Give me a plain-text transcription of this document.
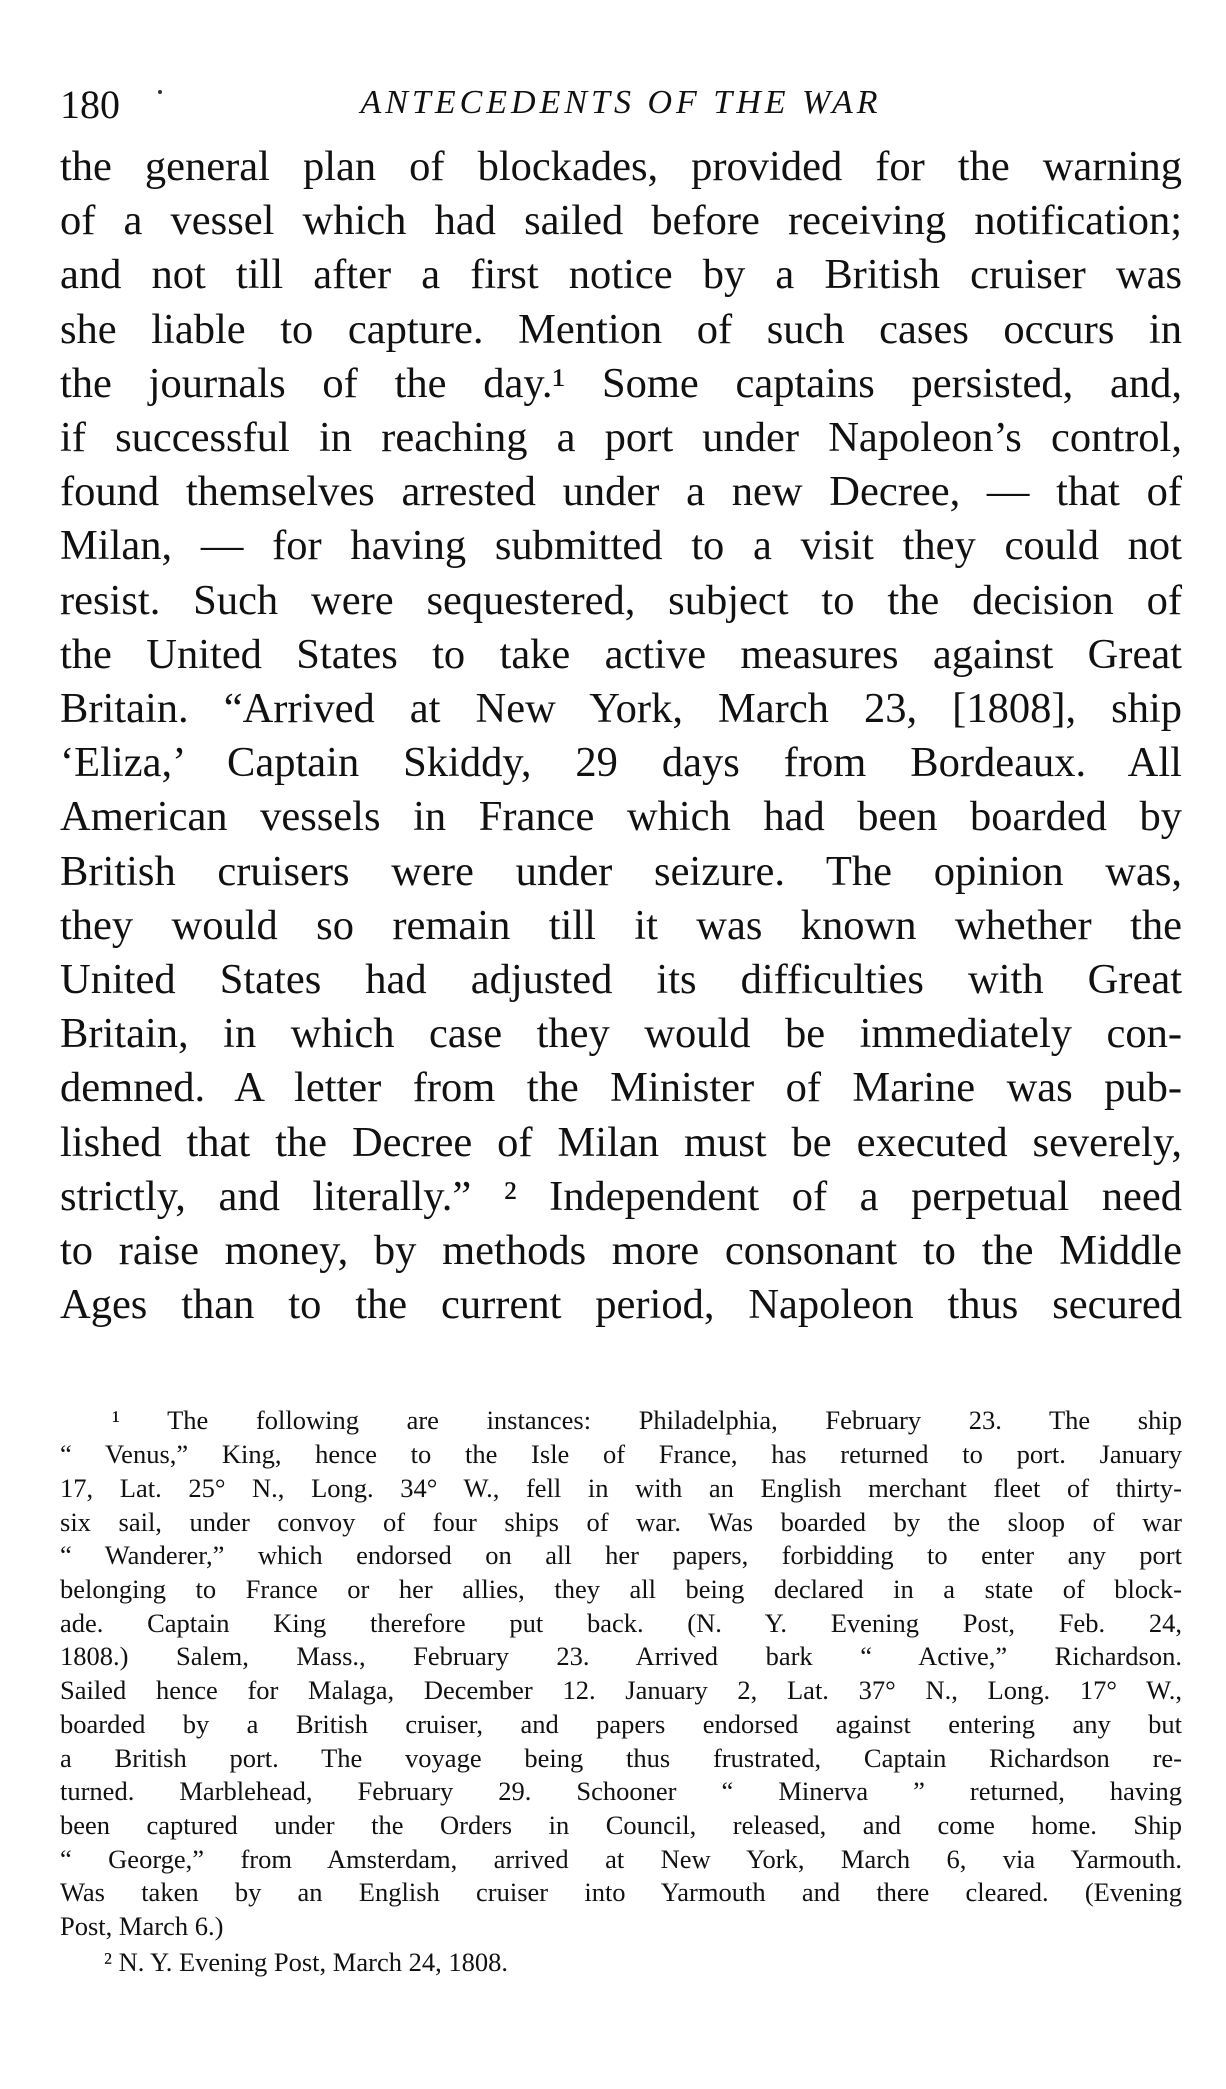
180	ANTECEDENTS OF THE WAR
the general plan of blockades, provided for the warning
of a vessel which had sailed before receiving notification;
and not till after a first notice by a British cruiser was
she liable to capture. Mention of such cases occurs in
the journals of the day.¹ Some captains persisted, and,
if successful in reaching a port under Napoleon’s control,
found themselves arrested under a new Decree, — that of
Milan, — for having submitted to a visit they could not
resist. Such were sequestered, subject to the decision of
the United States to take active measures against Great
Britain. “Arrived at New York, March 23, [1808], ship
‘Eliza,’ Captain Skiddy, 29 days from Bordeaux. All
American vessels in France which had been boarded by
British cruisers were under seizure. The opinion was,
they would so remain till it was known whether the
United States had adjusted its difficulties with Great
Britain, in which case they would be immediately con-
demned. A letter from the Minister of Marine was pub-
lished that the Decree of Milan must be executed severely,
strictly, and literally.” ² Independent of a perpetual need
to raise money, by methods more consonant to the Middle
Ages than to the current period, Napoleon thus secured
¹ The following are instances: Philadelphia, February 23. The ship
“ Venus,” King, hence to the Isle of France, has returned to port. January
17, Lat. 25° N., Long. 34° W., fell in with an English merchant fleet of thirty-
six sail, under convoy of four ships of war. Was boarded by the sloop of war
“ Wanderer,” which endorsed on all her papers, forbidding to enter any port
belonging to France or her allies, they all being declared in a state of block-
ade. Captain King therefore put back. (N. Y. Evening Post, Feb. 24,
1808.) Salem, Mass., February 23. Arrived bark “ Active,” Richardson.
Sailed hence for Malaga, December 12. January 2, Lat. 37° N., Long. 17° W.,
boarded by a British cruiser, and papers endorsed against entering any but
a British port. The voyage being thus frustrated, Captain Richardson re-
turned. Marblehead, February 29. Schooner “ Minerva ” returned, having
been captured under the Orders in Council, released, and come home. Ship
“ George,” from Amsterdam, arrived at New York, March 6, via Yarmouth.
Was taken by an English cruiser into Yarmouth and there cleared. (Evening
Post, March 6.)
² N. Y. Evening Post, March 24, 1808.
